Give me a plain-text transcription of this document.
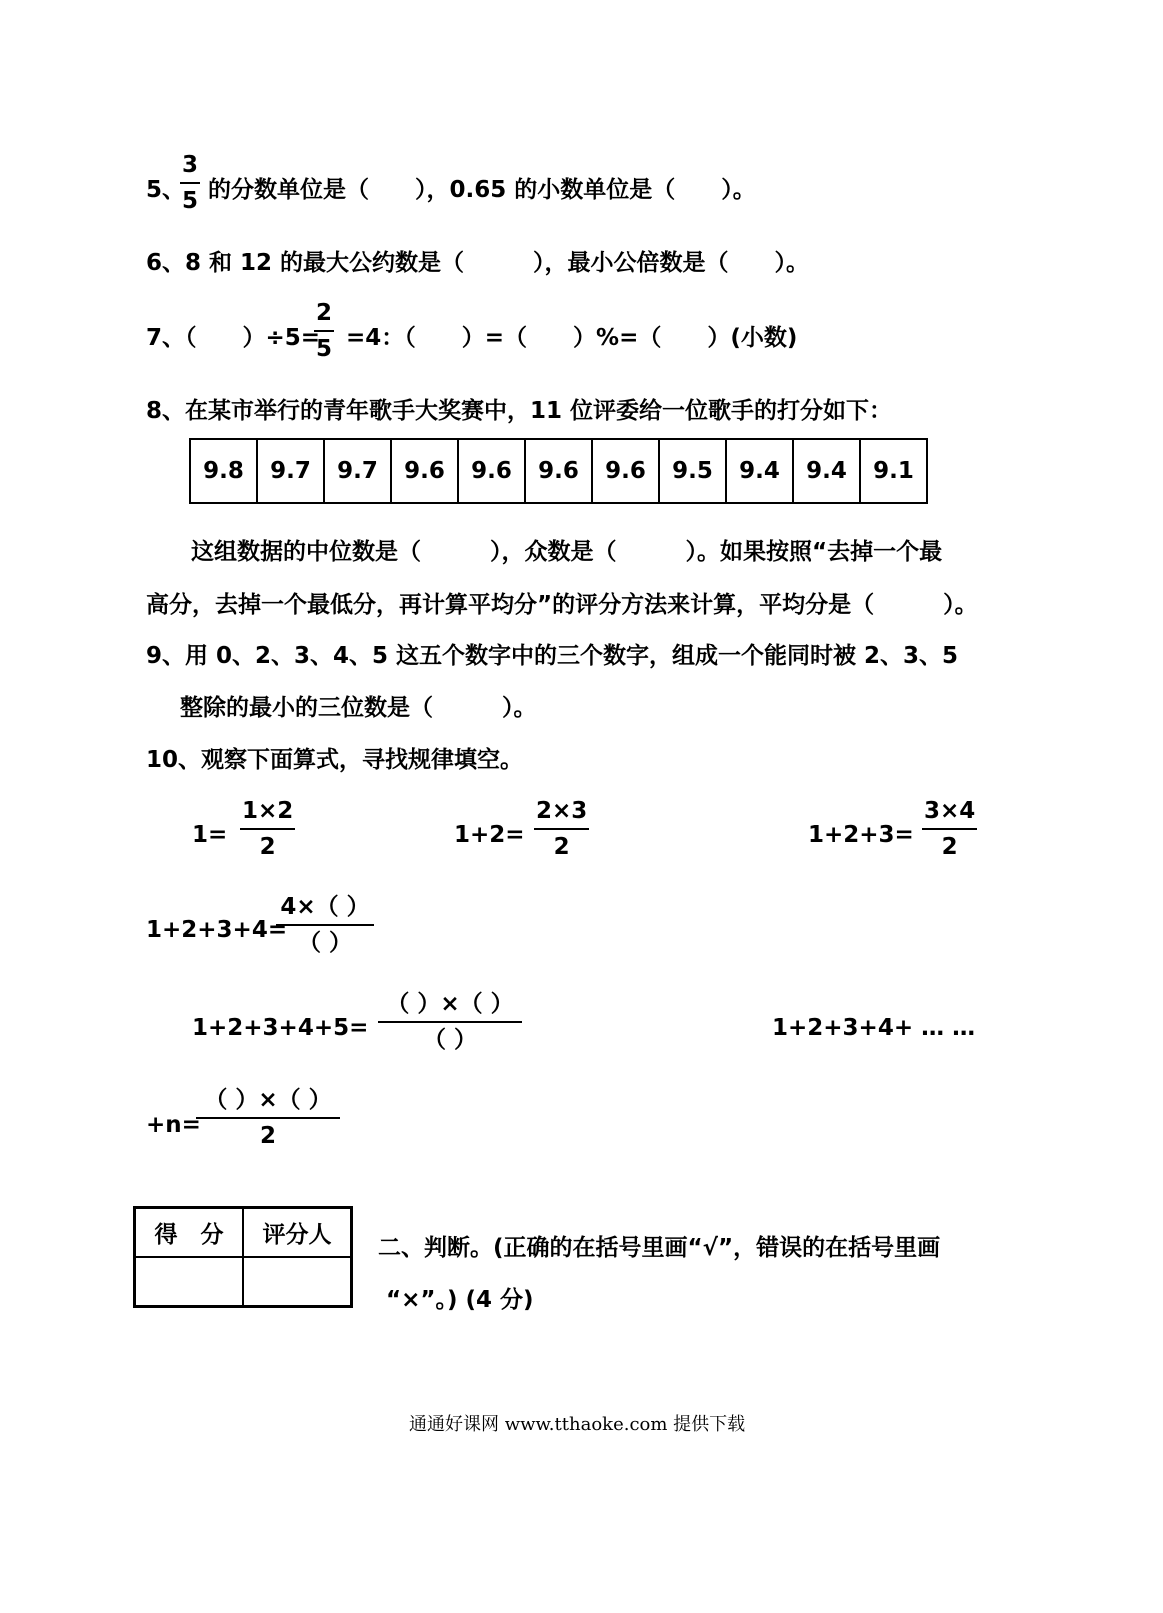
5、
3
5 的分数单位是（　　），0.65 的小数单位是（　　）。
6、8 和 12 的最大公约数是（　　　），最小公倍数是（　　）。
7、（　　）÷5=
2
5 =4：（　　）=（　　）%=（　　）(小数)
8、在某市举行的青年歌手大奖赛中，11 位评委给一位歌手的打分如下：
9.8	9.7	9.7	9.6	9.6	9.6	9.6	9.5	9.4	9.4	9.1
这组数据的中位数是（　　　），众数是（　　　）。如果按照“去掉一个最
高分，去掉一个最低分，再计算平均分”的评分方法来计算，平均分是（　　　）。
9、用 0、2、3、4、5 这五个数字中的三个数字，组成一个能同时被 2、3、5
整除的最小的三位数是（　　　）。
10、观察下面算式，寻找规律填空。
1=
1×2
2	1+2=
2×3
2	1+2+3=
3×4
2
1+2+3+4=
4×（ ）
（ ）
1+2+3+4+5=
（ ）×（ ）
（ ）	1+2+3+4+ … …
+n=
（ ）×（ ）
2
得　分	评分人
	二、判断。(正确的在括号里画“√”，错误的在括号里画
“×”。) (4 分)
通通好课网 www.tthaoke.com 提供下载
